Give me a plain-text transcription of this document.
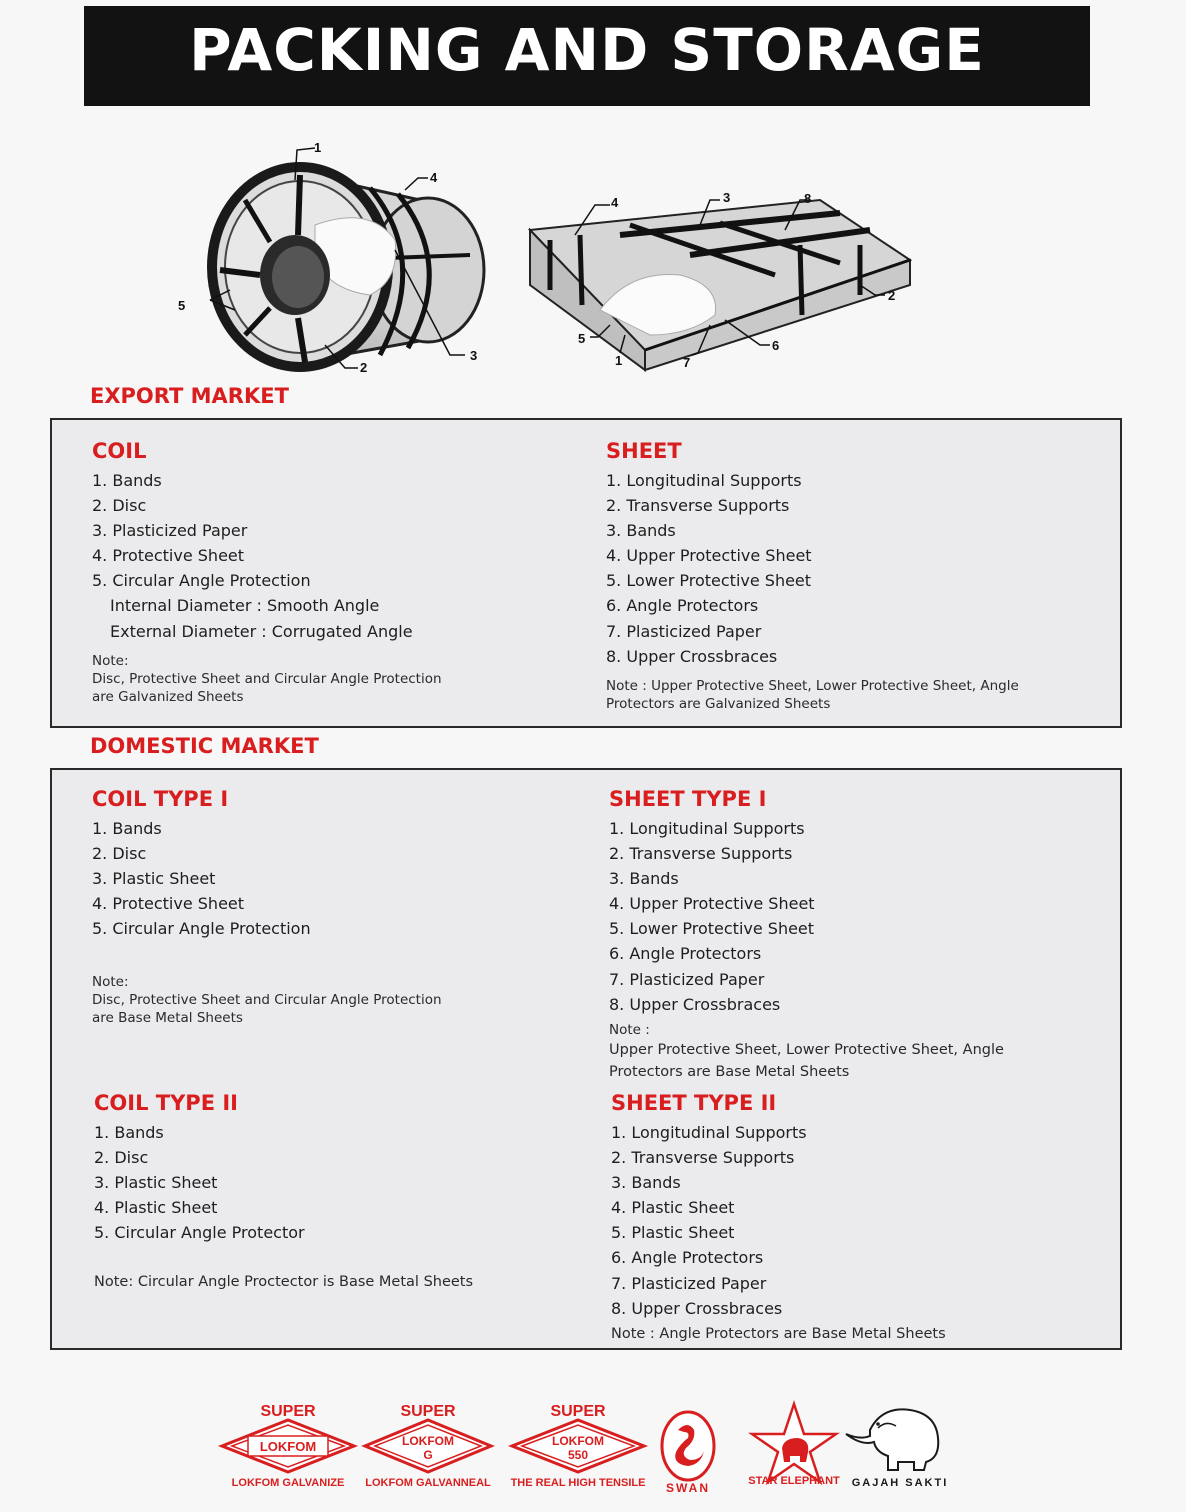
PACKING AND STORAGE
1
4
5
2
3
4	3	8
2
5
1	7
6
EXPORT MARKET
COIL
1. Bands
2. Disc
3. Plasticized Paper
4. Protective Sheet
5. Circular Angle Protection
Internal Diameter : Smooth Angle
External Diameter : Corrugated Angle

Note:

Disc, Protective Sheet and Circular Angle Protection

are Galvanized Sheets

SHEET
1. Longitudinal Supports
2. Transverse Supports
3. Bands
4. Upper Protective Sheet
5. Lower Protective Sheet
6. Angle Protectors
7. Plasticized Paper
8. Upper Crossbraces

Note : Upper Protective Sheet, Lower Protective Sheet, Angle

Protectors are Galvanized Sheets

DOMESTIC MARKET
COIL TYPE I
1. Bands
2. Disc
3. Plastic Sheet
4. Protective Sheet
5. Circular Angle Protection

Note:

Disc, Protective Sheet and Circular Angle Protection

are Base Metal Sheets

SHEET TYPE I
1. Longitudinal Supports
2. Transverse Supports
3. Bands
4. Upper Protective Sheet
5. Lower Protective Sheet
6. Angle Protectors
7. Plasticized Paper
8. Upper Crossbraces

Note :

Upper Protective Sheet, Lower Protective Sheet, Angle

Protectors are Base Metal Sheets

COIL TYPE II
1. Bands
2. Disc
3. Plastic Sheet
4. Plastic Sheet
5. Circular Angle Protector

Note: Circular Angle Proctector is Base Metal Sheets

SHEET TYPE II
1. Longitudinal Supports
2. Transverse Supports
3. Bands
4. Plastic Sheet
5. Plastic Sheet
6. Angle Protectors
7. Plasticized Paper
8. Upper Crossbraces

Note : Angle Protectors are Base Metal Sheets

SUPER
LOKFOM
LOKFOM GALVANIZE
SUPER
LOKFOM
G
LOKFOM GALVANNEAL
SUPER
LOKFOM
550
THE REAL HIGH TENSILE SWAN	STAR ELEPHANT GAJAH SAKTI
